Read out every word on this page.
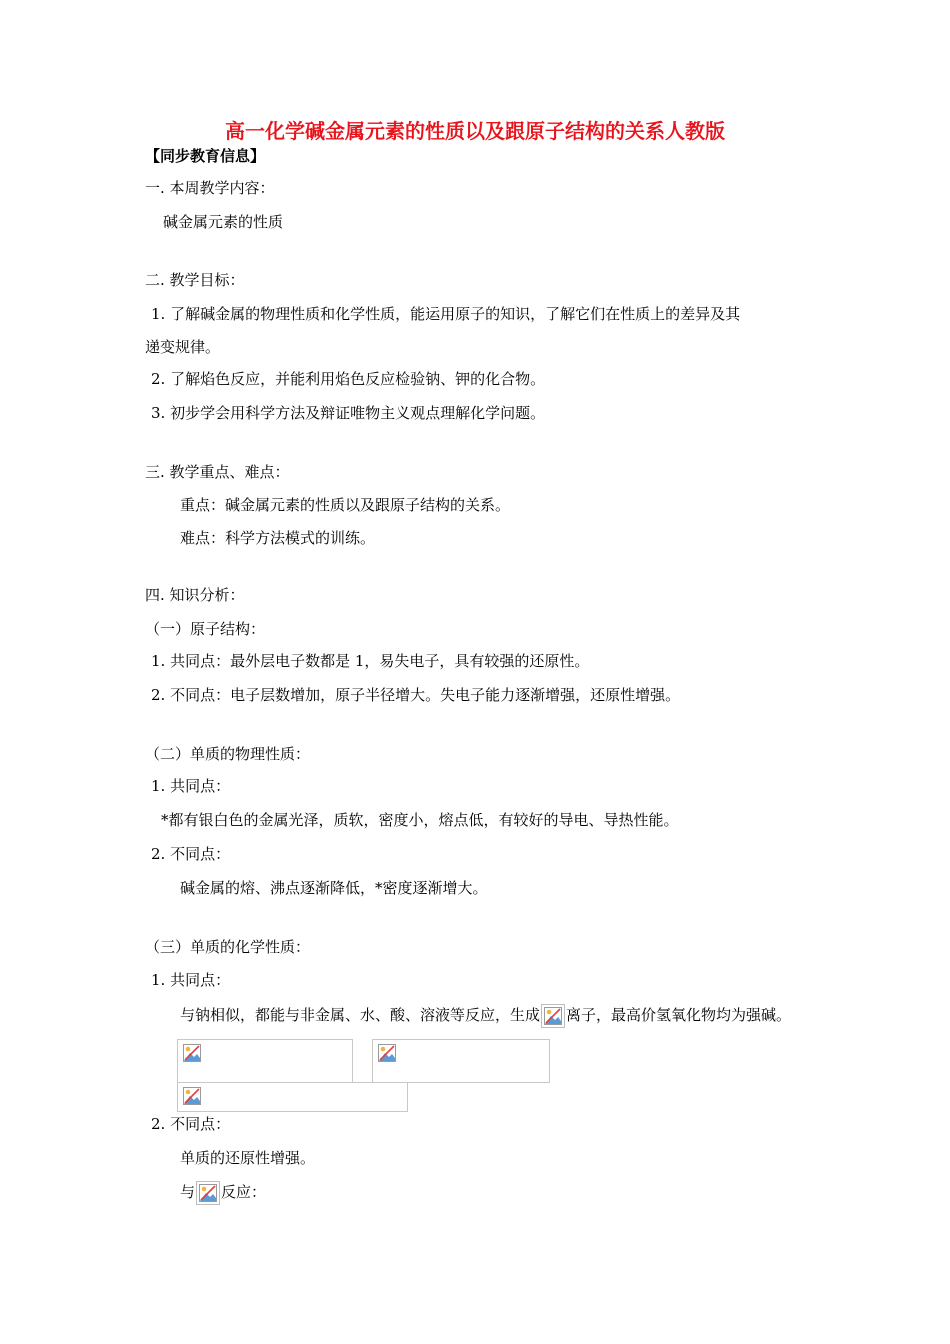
高一化学碱金属元素的性质以及跟原子结构的关系人教版
【同步教育信息】
一. 本周教学内容：
碱金属元素的性质
二. 教学目标：
1. 了解碱金属的物理性质和化学性质，能运用原子的知识，了解它们在性质上的差异及其
递变规律。
2. 了解焰色反应，并能利用焰色反应检验钠、钾的化合物。
3. 初步学会用科学方法及辩证唯物主义观点理解化学问题。
三. 教学重点、难点：
重点：碱金属元素的性质以及跟原子结构的关系。
难点：科学方法模式的训练。
四. 知识分析：
（一）原子结构：
1. 共同点：最外层电子数都是 1，易失电子，具有较强的还原性。
2. 不同点：电子层数增加，原子半径增大。失电子能力逐渐增强，还原性增强。
（二）单质的物理性质：
1. 共同点：
*都有银白色的金属光泽，质软，密度小，熔点低，有较好的导电、导热性能。
2. 不同点：
碱金属的熔、沸点逐渐降低，*密度逐渐增大。
（三）单质的化学性质：
1. 共同点：
与钠相似，都能与非金属、水、酸、溶液等反应，生成 离子，最高价氢氧化物均为强碱。
2. 不同点：
单质的还原性增强。
与 反应：
